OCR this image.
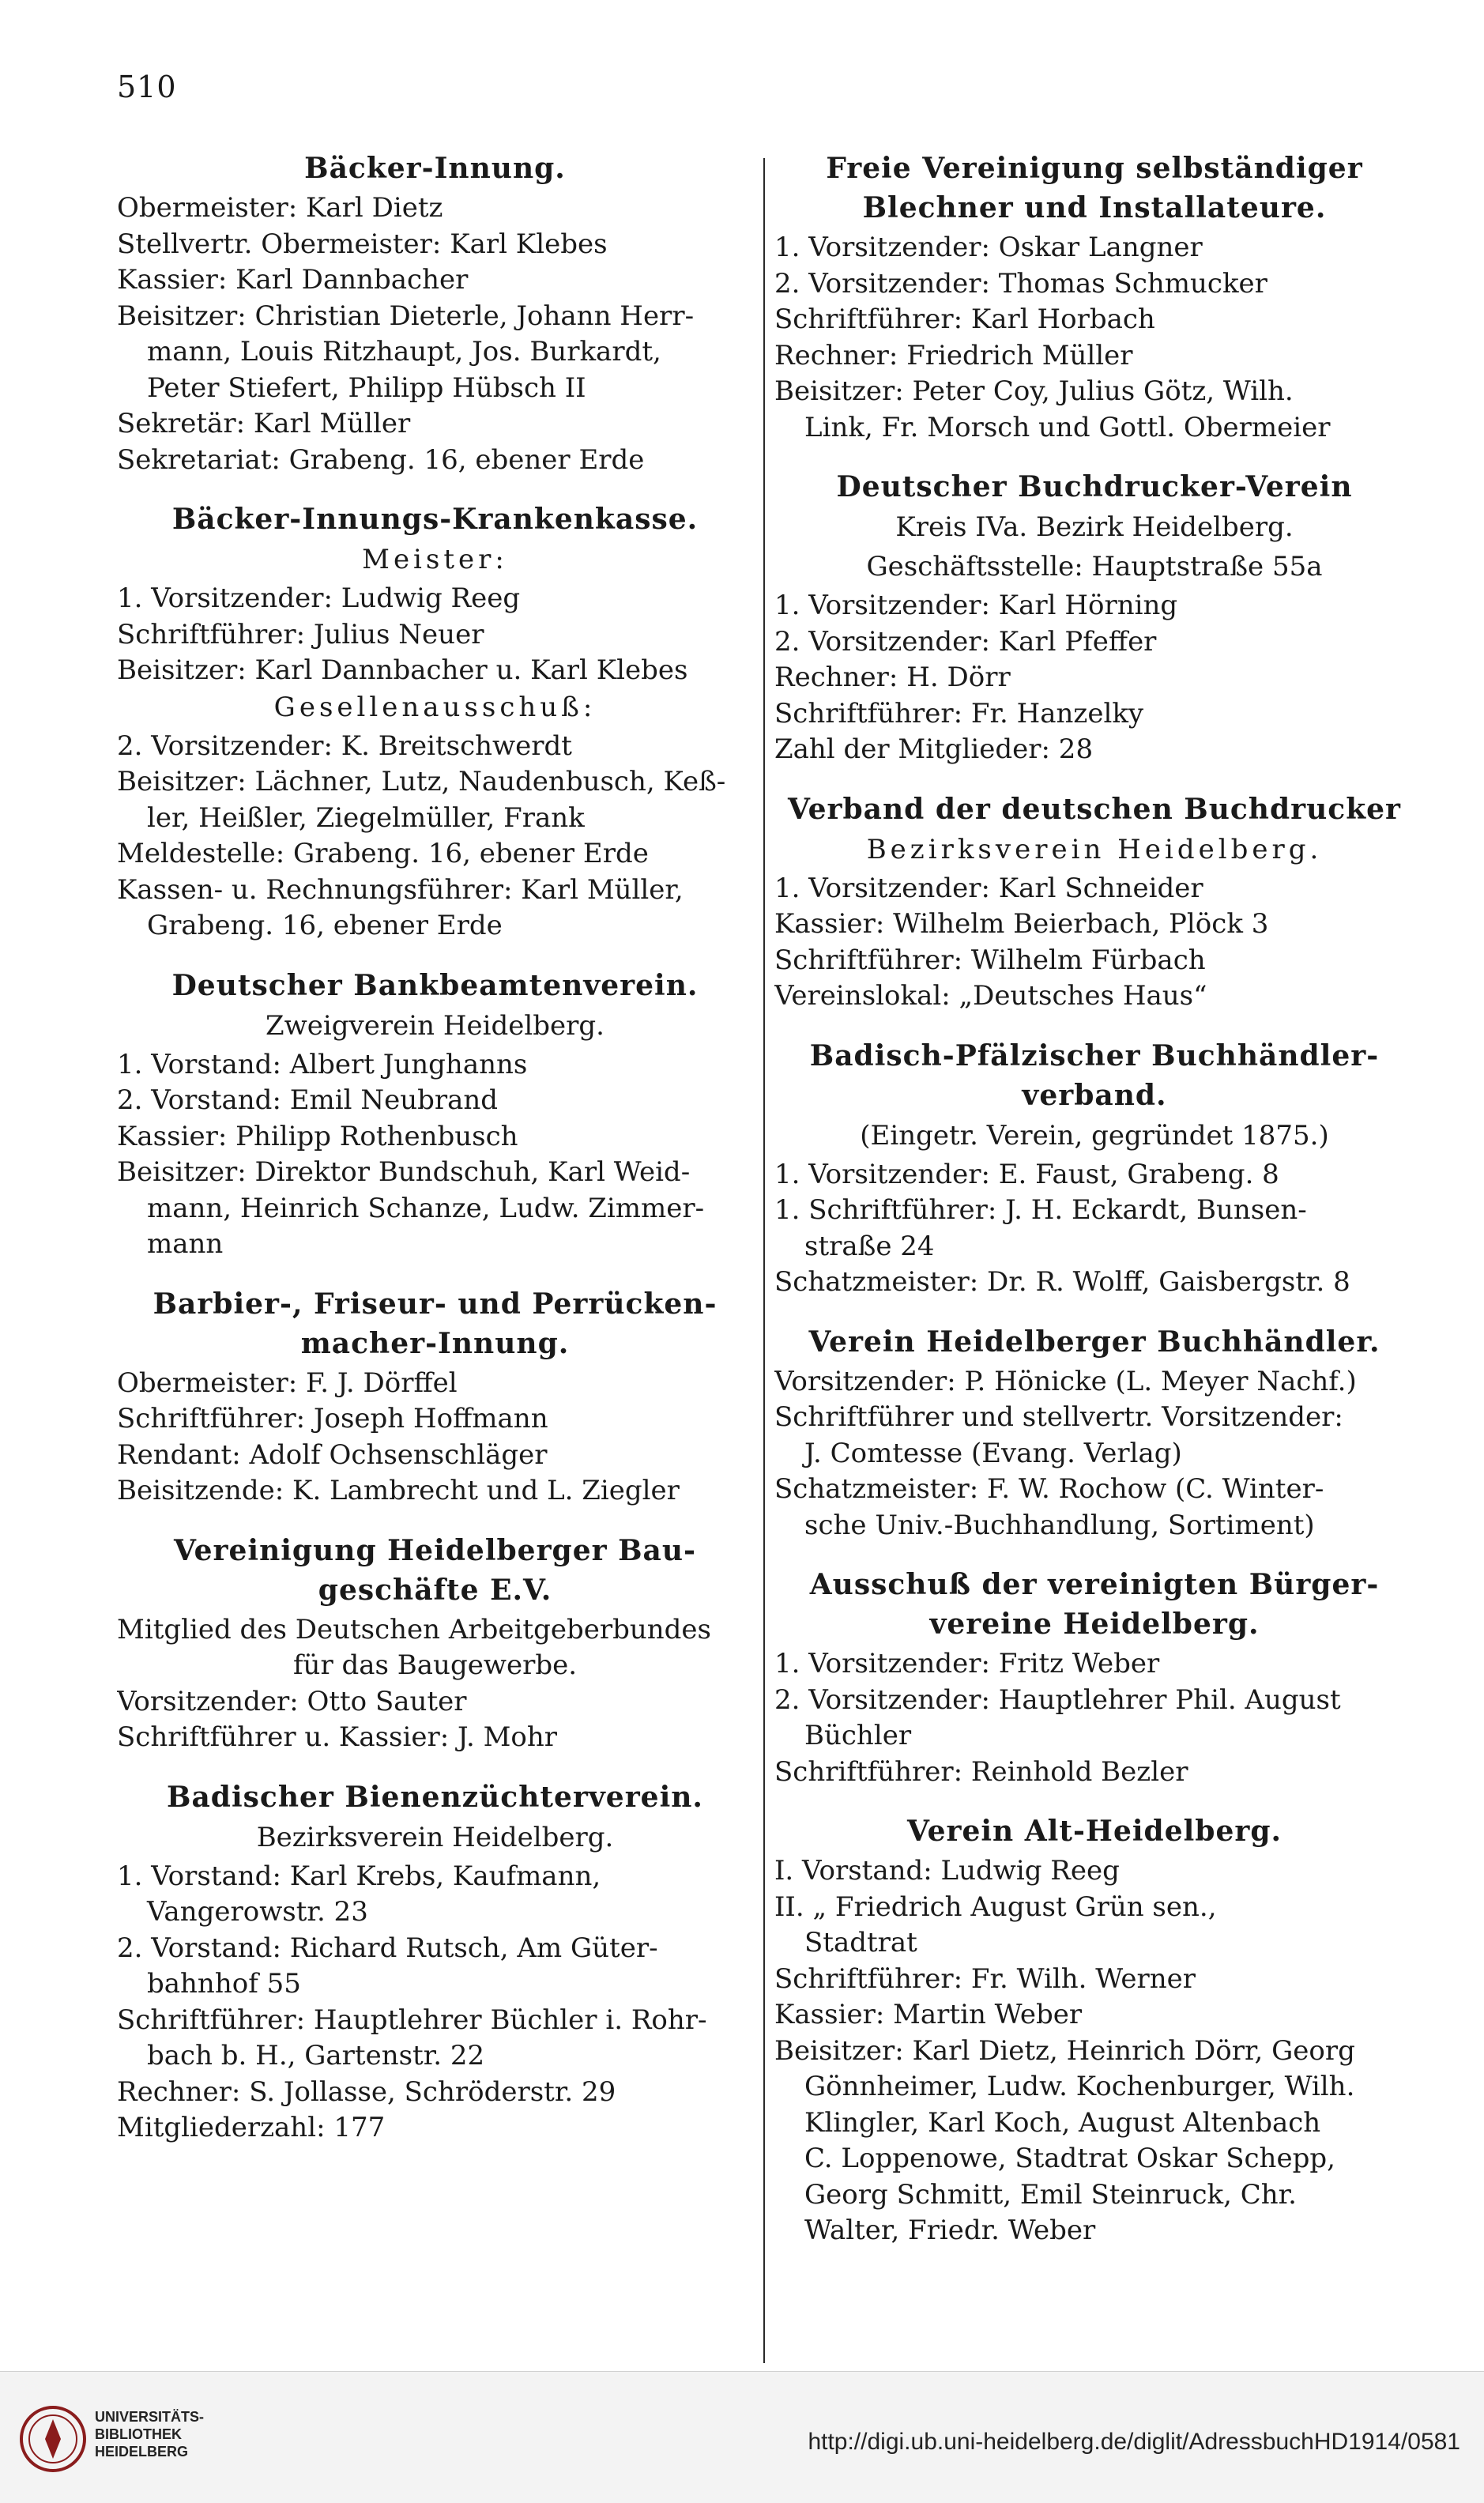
510
Bäcker-Innung.
Obermeister: Karl Dietz
Stellvertr. Obermeister: Karl Klebes
Kassier: Karl Dannbacher
Beisitzer: Christian Dieterle, Johann Herr-
mann, Louis Ritzhaupt, Jos. Burkardt,
Peter Stiefert, Philipp Hübsch II
Sekretär: Karl Müller
Sekretariat: Grabeng. 16, ebener Erde
Bäcker-Innungs-Krankenkasse.
Meister:
1. Vorsitzender: Ludwig Reeg
Schriftführer: Julius Neuer
Beisitzer: Karl Dannbacher u. Karl Klebes
Gesellenausschuß:
2. Vorsitzender: K. Breitschwerdt
Beisitzer: Lächner, Lutz, Naudenbusch, Keß-
ler, Heißler, Ziegelmüller, Frank
Meldestelle: Grabeng. 16, ebener Erde
Kassen- u. Rechnungsführer: Karl Müller,
Grabeng. 16, ebener Erde
Deutscher Bankbeamtenverein.
Zweigverein Heidelberg.
1. Vorstand: Albert Junghanns
2. Vorstand: Emil Neubrand
Kassier: Philipp Rothenbusch
Beisitzer: Direktor Bundschuh, Karl Weid-
mann, Heinrich Schanze, Ludw. Zimmer-
mann
Barbier-, Friseur- und Perrücken-
macher-Innung.
Obermeister: F. J. Dörffel
Schriftführer: Joseph Hoffmann
Rendant: Adolf Ochsenschläger
Beisitzende: K. Lambrecht und L. Ziegler
Vereinigung Heidelberger Bau-
geschäfte E.V.
Mitglied des Deutschen Arbeitgeberbundes
für das Baugewerbe.
Vorsitzender: Otto Sauter
Schriftführer u. Kassier: J. Mohr
Badischer Bienenzüchterverein.
Bezirksverein Heidelberg.
1. Vorstand: Karl Krebs, Kaufmann,
Vangerowstr. 23
2. Vorstand: Richard Rutsch, Am Güter-
bahnhof 55
Schriftführer: Hauptlehrer Büchler i. Rohr-
bach b. H., Gartenstr. 22
Rechner: S. Jollasse, Schröderstr. 29
Mitgliederzahl: 177
Freie Vereinigung selbständiger
Blechner und Installateure.
1. Vorsitzender: Oskar Langner
2. Vorsitzender: Thomas Schmucker
Schriftführer: Karl Horbach
Rechner: Friedrich Müller
Beisitzer: Peter Coy, Julius Götz, Wilh.
Link, Fr. Morsch und Gottl. Obermeier
Deutscher Buchdrucker-Verein
Kreis IVa. Bezirk Heidelberg.
Geschäftsstelle: Hauptstraße 55a
1. Vorsitzender: Karl Hörning
2. Vorsitzender: Karl Pfeffer
Rechner: H. Dörr
Schriftführer: Fr. Hanzelky
Zahl der Mitglieder: 28
Verband der deutschen Buchdrucker
Bezirksverein Heidelberg.
1. Vorsitzender: Karl Schneider
Kassier: Wilhelm Beierbach, Plöck 3
Schriftführer: Wilhelm Fürbach
Vereinslokal: „Deutsches Haus“
Badisch-Pfälzischer Buchhändler-
verband.
(Eingetr. Verein, gegründet 1875.)
1. Vorsitzender: E. Faust, Grabeng. 8
1. Schriftführer: J. H. Eckardt, Bunsen-
straße 24
Schatzmeister: Dr. R. Wolff, Gaisbergstr. 8
Verein Heidelberger Buchhändler.
Vorsitzender: P. Hönicke (L. Meyer Nachf.)
Schriftführer und stellvertr. Vorsitzender:
J. Comtesse (Evang. Verlag)
Schatzmeister: F. W. Rochow (C. Winter-
sche Univ.-Buchhandlung, Sortiment)
Ausschuß der vereinigten Bürger-
vereine Heidelberg.
1. Vorsitzender: Fritz Weber
2. Vorsitzender: Hauptlehrer Phil. August
Büchler
Schriftführer: Reinhold Bezler
Verein Alt-Heidelberg.
I. Vorstand: Ludwig Reeg
II. „ Friedrich August Grün sen.,
Stadtrat
Schriftführer: Fr. Wilh. Werner
Kassier: Martin Weber
Beisitzer: Karl Dietz, Heinrich Dörr, Georg
Gönnheimer, Ludw. Kochenburger, Wilh.
Klingler, Karl Koch, August Altenbach
C. Loppenowe, Stadtrat Oskar Schepp,
Georg Schmitt, Emil Steinruck, Chr.
Walter, Friedr. Weber
UNIVERSITÄTS-
BIBLIOTHEK
HEIDELBERG	http://digi.ub.uni-heidelberg.de/diglit/AdressbuchHD1914/0581
